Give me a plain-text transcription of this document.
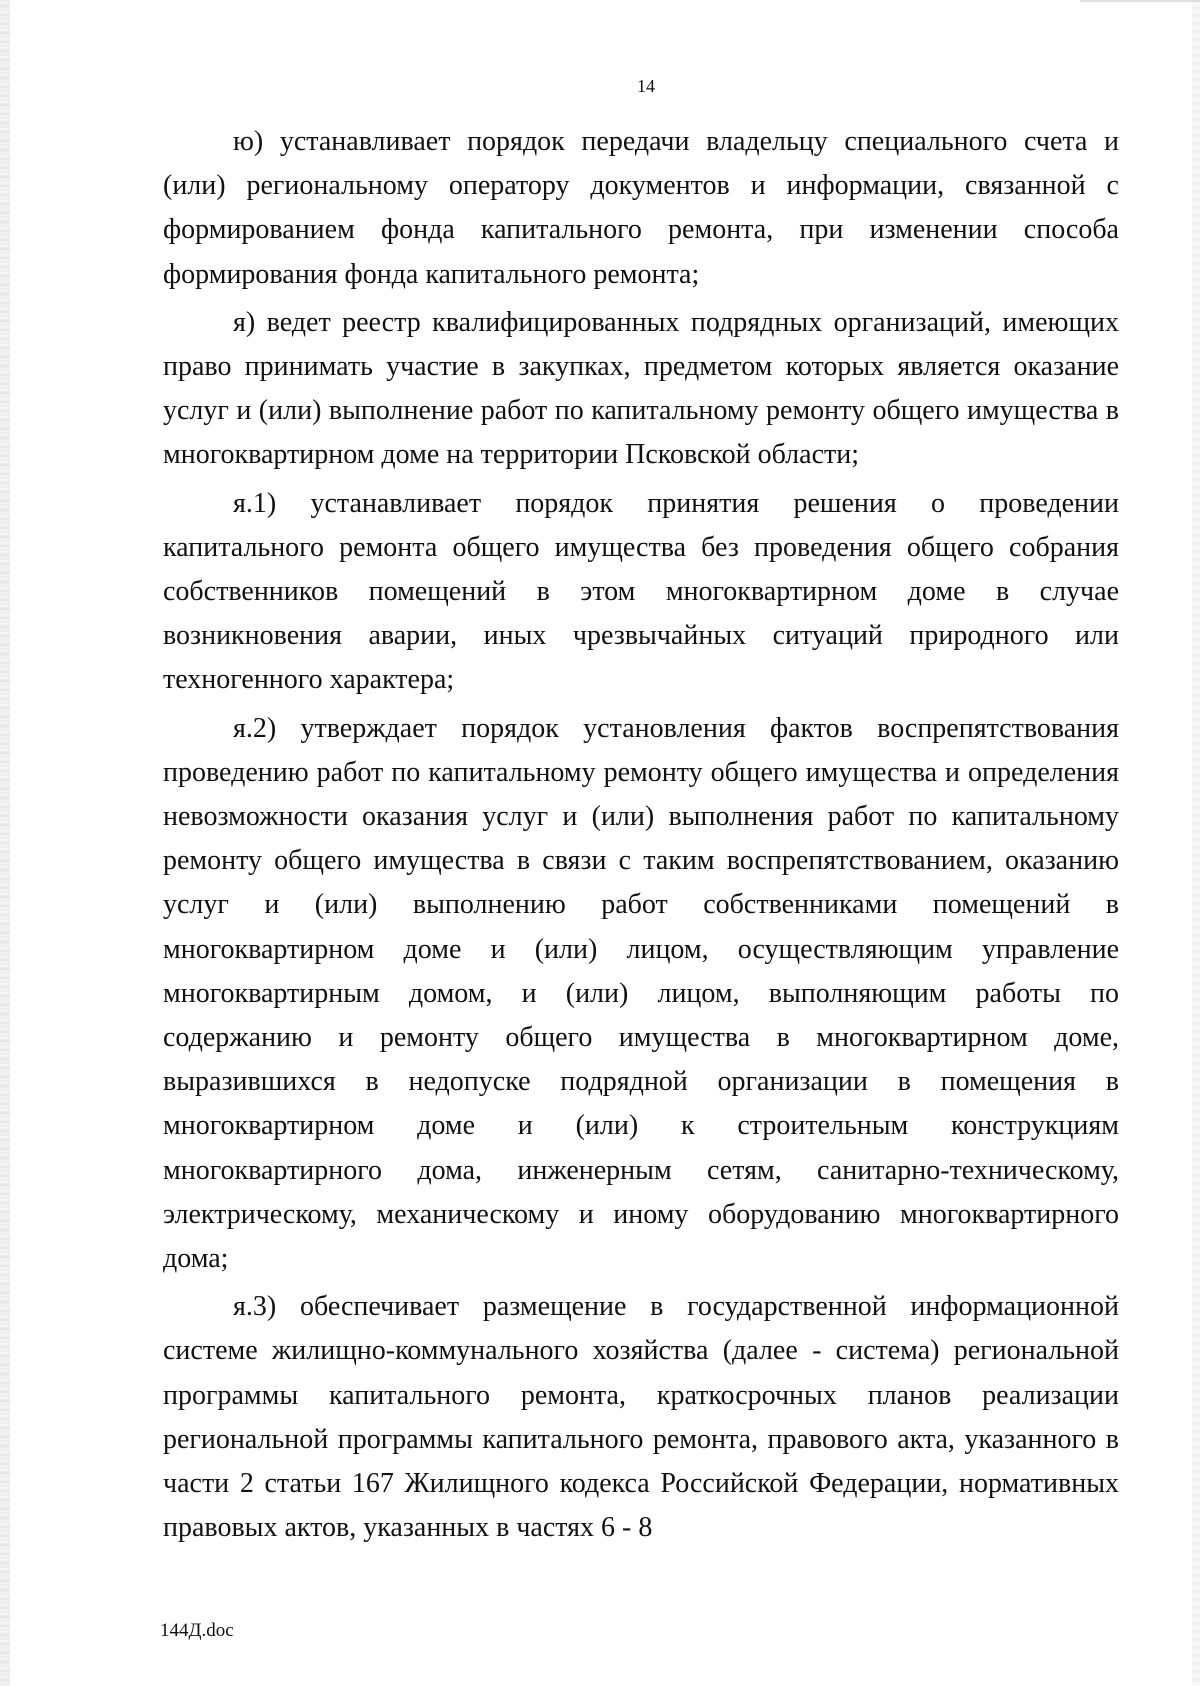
14

ю) устанавливает порядок передачи владельцу специального счета и (или) региональному оператору документов и информации, связанной с формированием фонда капитального ремонта, при изменении способа формирования фонда капитального ремонта;

я) ведет реестр квалифицированных подрядных организаций, имеющих право принимать участие в закупках, предметом которых является оказание услуг и (или) выполнение работ по капитальному ремонту общего имущества в многоквартирном доме на территории Псковской области;

я.1) устанавливает порядок принятия решения о проведении капитального ремонта общего имущества без проведения общего собрания собственников помещений в этом многоквартирном доме в случае возникновения аварии, иных чрезвычайных ситуаций природного или техногенного характера;

я.2) утверждает порядок установления фактов воспрепятствования проведению работ по капитальному ремонту общего имущества и определения невозможности оказания услуг и (или) выполнения работ по капитальному ремонту общего имущества в связи с таким воспрепятствованием, оказанию услуг и (или) выполнению работ собственниками помещений в многоквартирном доме и (или) лицом, осуществляющим управление многоквартирным домом, и (или) лицом, выполняющим работы по содержанию и ремонту общего имущества в многоквартирном доме, выразившихся в недопуске подрядной организации в помещения в многоквартирном доме и (или) к строительным конструкциям многоквартирного дома, инженерным сетям, санитарно-техническому, электрическому, механическому и иному оборудованию многоквартирного дома;

я.3) обеспечивает размещение в государственной информационной системе жилищно-коммунального хозяйства (далее - система) региональной программы капитального ремонта, краткосрочных планов реализации региональной программы капитального ремонта, правового акта, указанного в части 2 статьи 167 Жилищного кодекса Российской Федерации, нормативных правовых актов, указанных в частях 6 - 8

144Д.doc
